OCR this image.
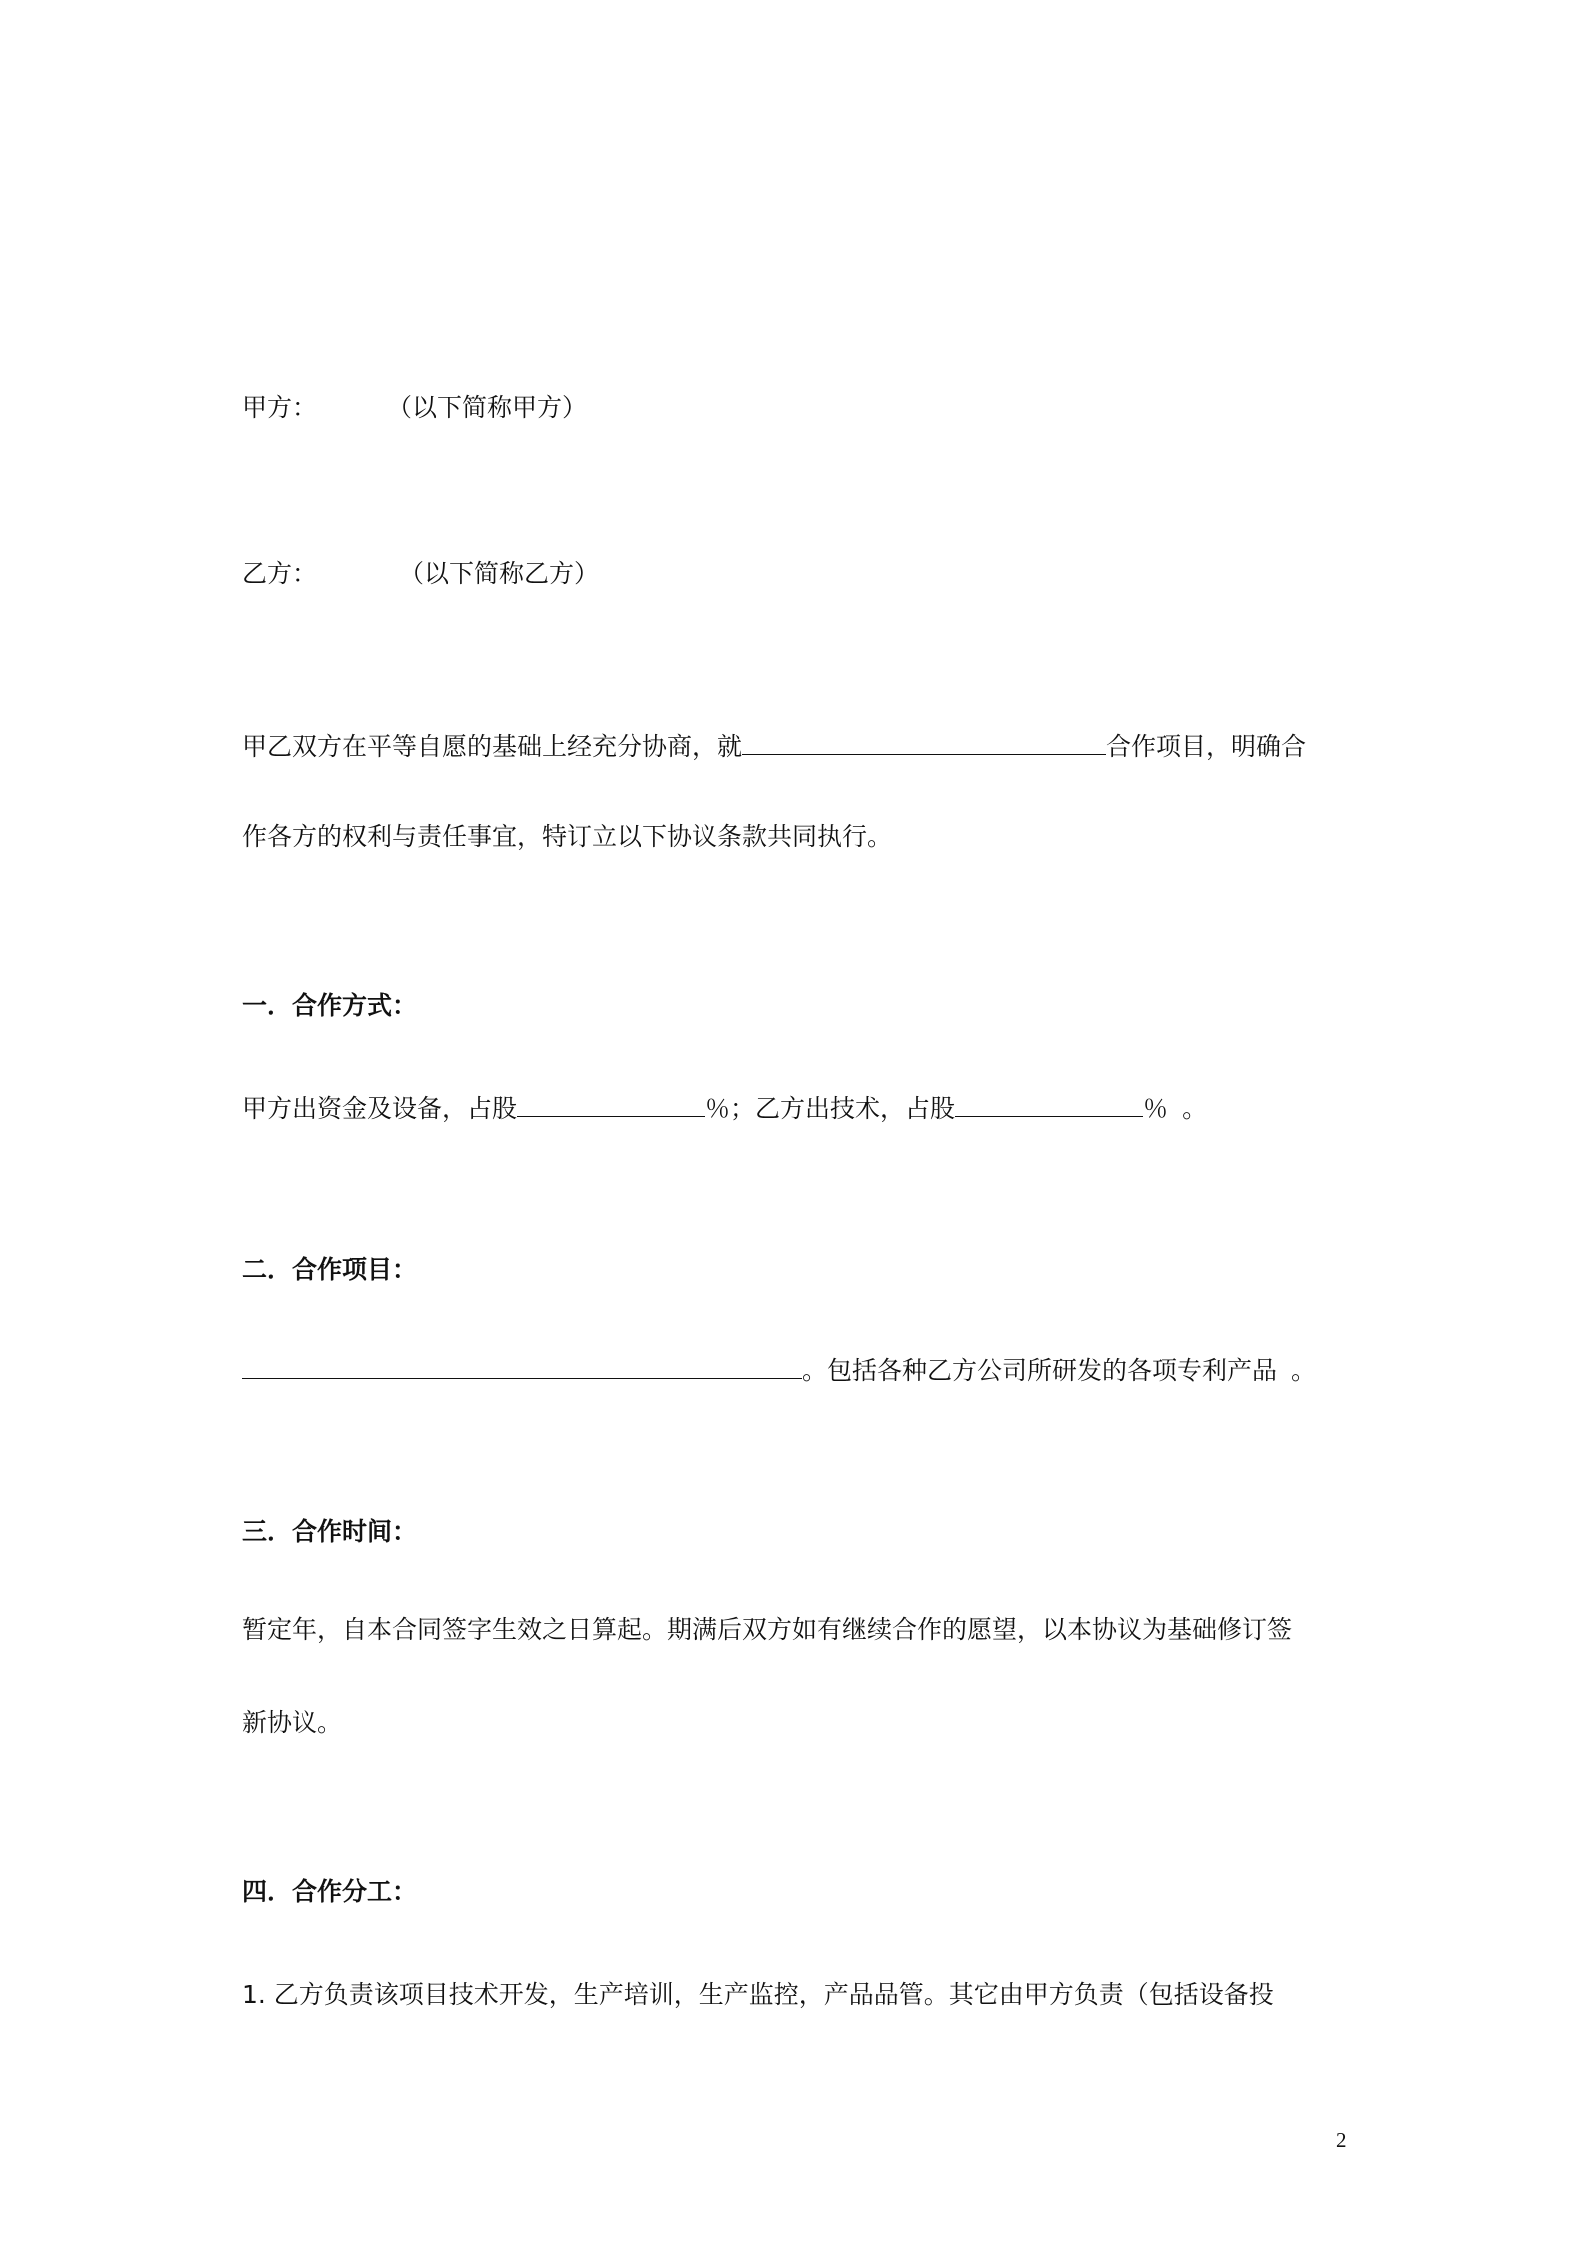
甲方：	（以下简称甲方）
乙方：	（以下简称乙方）
甲乙双方在平等自愿的基础上经充分协商，就	合作项目，明确合
作各方的权利与责任事宜，特订立以下协议条款共同执行。
一．合作方式：
甲方出资金及设备，占股	％；乙方出技术，占股	％ 。
二．合作项目：
。包括各种乙方公司所研发的各项专利产品 。
三．合作时间：
暂定年，自本合同签字生效之日算起。期满后双方如有继续合作的愿望，以本协议为基础修订签
新协议。
四．合作分工：
1. 乙方负责该项目技术开发，生产培训，生产监控，产品品管。其它由甲方负责（包括设备投
2
